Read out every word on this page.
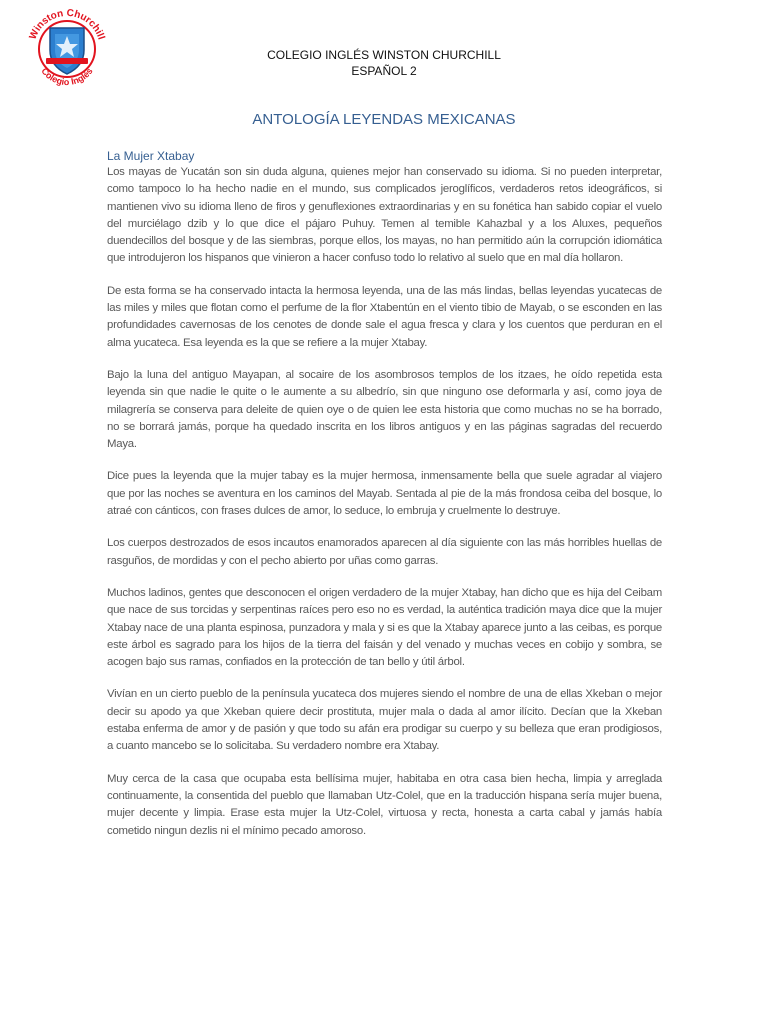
Winston Churchill
Colegio Inglés
COLEGIO INGLÉS WINSTON CHURCHILL
ESPAÑOL 2
ANTOLOGÍA LEYENDAS MEXICANAS
La Mujer Xtabay

Los mayas de Yucatán son sin duda alguna, quienes mejor han conservado su idioma. Si no pueden interpretar, como tampoco lo ha hecho nadie en el mundo, sus complicados jeroglíficos, verdaderos retos ideográficos, si mantienen vivo su idioma lleno de firos y genuflexiones extraordinarias y en su fonética han sabido copiar el vuelo del murciélago dzib y lo que dice el pájaro Puhuy. Temen al temible Kahazbal y a los Aluxes, pequeños duendecillos del bosque y de las siembras, porque ellos, los mayas, no han permitido aún la corrupción idiomática que introdujeron los hispanos que vinieron a hacer confuso todo lo relativo al suelo que en mal día hollaron.

De esta forma se ha conservado intacta la hermosa leyenda, una de las más lindas, bellas leyendas yucatecas de las miles y miles que flotan como el perfume de la flor Xtabentún en el viento tibio de Mayab, o se esconden en las profundidades cavernosas de los cenotes de donde sale el agua fresca y clara y los cuentos que perduran en el alma yucateca. Esa leyenda es la que se refiere a la mujer Xtabay.

Bajo la luna del antiguo Mayapan, al socaire de los asombrosos templos de los itzaes, he oído repetida esta leyenda sin que nadie le quite o le aumente a su albedrío, sin que ninguno ose deformarla y así, como joya de milagrería se conserva para deleite de quien oye o de quien lee esta historia que como muchas no se ha borrado, no se borrará jamás, porque ha quedado inscrita en los libros antiguos y en las páginas sagradas del recuerdo Maya.

Dice pues la leyenda que la mujer tabay es la mujer hermosa, inmensamente bella que suele agradar al viajero que por las noches se aventura en los caminos del Mayab. Sentada al pie de la más frondosa ceiba del bosque, lo atraé con cánticos, con frases dulces de amor, lo seduce, lo embruja y cruelmente lo destruye.

Los cuerpos destrozados de esos incautos enamorados aparecen al día siguiente con las más horribles huellas de rasguños, de mordidas y con el pecho abierto por uñas como garras.

Muchos ladinos, gentes que desconocen el origen verdadero de la mujer Xtabay, han dicho que es hija del Ceibam que nace de sus torcidas y serpentinas raíces pero eso no es verdad, la auténtica tradición maya dice que la mujer Xtabay nace de una planta espinosa, punzadora y mala y si es que la Xtabay aparece junto a las ceibas, es porque este árbol es sagrado para los hijos de la tierra del faisán y del venado y muchas veces en cobijo y sombra, se acogen bajo sus ramas, confiados en la protección de tan bello y útil árbol.

Vivían en un cierto pueblo de la península yucateca dos mujeres siendo el nombre de una de ellas Xkeban o mejor decir su apodo ya que Xkeban quiere decir prostituta, mujer mala o dada al amor ilícito. Decían que la Xkeban estaba enferma de amor y de pasión y que todo su afán era prodigar su cuerpo y su belleza que eran prodigiosos, a cuanto mancebo se lo solicitaba. Su verdadero nombre era Xtabay.

Muy cerca de la casa que ocupaba esta bellísima mujer, habitaba en otra casa bien hecha, limpia y arreglada continuamente, la consentida del pueblo que llamaban Utz-Colel, que en la traducción hispana sería mujer buena, mujer decente y limpia. Erase esta mujer la Utz-Colel, virtuosa y recta, honesta a carta cabal y jamás había cometido ningun dezlis ni el mínimo pecado amoroso.
